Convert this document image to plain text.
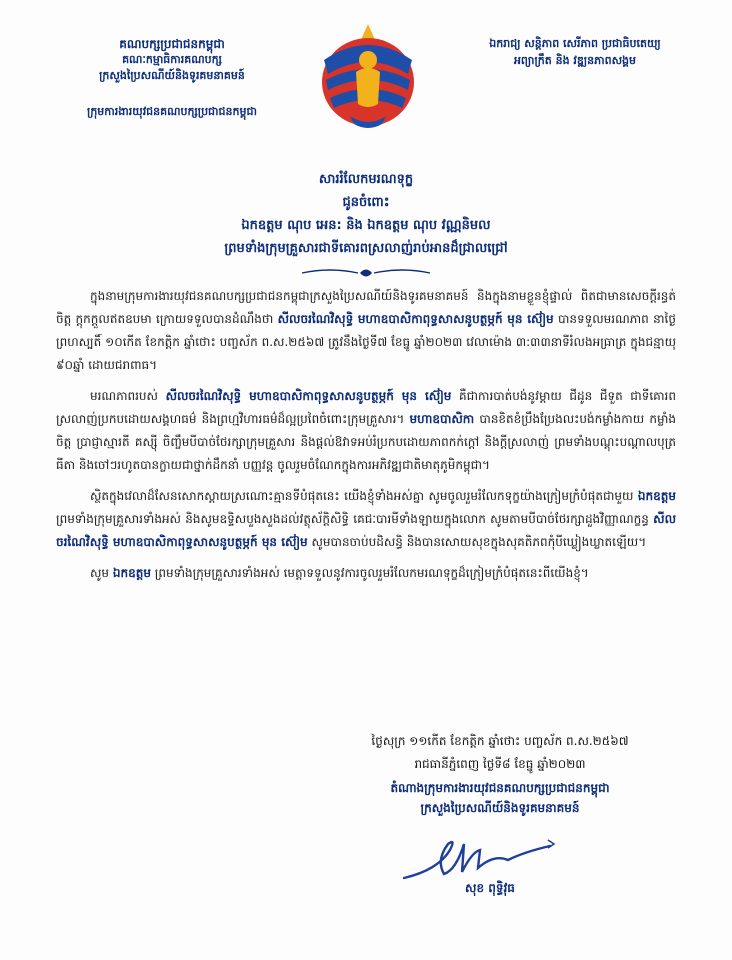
គណបក្សប្រជាជនកម្ពុជា
គណៈកម្មាធិការគណបក្ស
ក្រសួងប្រៃសណីយ៍និងទូរគមនាគមន៍
ក្រុមការងារយុវជនគណបក្សប្រជាជនកម្ពុជា
ឯករាជ្យ សន្តិភាព សេរីភាព ប្រជាធិបតេយ្យ
អព្យាក្រឹត និង វឌ្ឍនភាពសង្គម
សាររំលែកមរណទុក្ខ
ជូនចំពោះ
ឯកឧត្តម ណុប អេន: និង ឯកឧត្តម ណុប វណ្ណនិមល
ព្រមទាំងក្រុមគ្រួសារជាទីគោរពស្រលាញ់រាប់អានដ៏ជ្រាលជ្រៅ

ក្នុងនាមក្រុមការងារយុវជនគណបក្សប្រជាជនកម្ពុជាក្រសួងប្រៃសណីយ៍និងទូរគមនាគមន៍ និងក្នុងនាមខ្លួនខ្ញុំផ្ទាល់ ពិតជាមានសេចក្តីរន្ធត់ចិត្ត ក្តុកក្តួលឥតឧបមា ក្រោយទទួលបានដំណឹងថា សីលចរណៃវិសុទ្ធិ មហាឧបាសិកាពុទ្ធសាសនូបត្ថម្ភក៍ មុន ស៊ៀម បានទទួលមរណភាព នាថ្ងៃព្រហស្បតិ៍ ១០កើត ខែកត្តិក ឆ្នាំថោះ បញ្ចស័ក ព.ស.២៥៦៧ ត្រូវនឹងថ្ងៃទី៧ ខែធ្នូ ឆ្នាំ២០២៣ វេលាម៉ោង ៣:៣៣នាទីរំលងអធ្រាត្រ ក្នុងជន្មាយុ ៩០ឆ្នាំ ដោយជរាពាធ។

មរណភាពរបស់ សីលចរណៃវិសុទ្ធិ មហាឧបាសិកាពុទ្ធសាសនូបត្ថម្ភក៍ មុន ស៊ៀម គឺជាការបាត់បង់នូវម្តាយ ជីដូន ជីទួត ជាទីគោរពស្រលាញ់ប្រកបដោយសង្គហធម៌ និងព្រហ្មវិហារធម៌ដ៏ល្អប្រពៃចំពោះក្រុមគ្រួសារ។ មហាឧបាសិកា បានខិតខំប្រឹងប្រែងលះបង់កម្លាំងកាយ កម្លាំងចិត្ត ប្រាជ្ញាស្មារតី គស្ស៊ី ចិញ្ចឹមបីបាច់ថែរក្សាក្រុមគ្រួសារ និងផ្តល់ឱវាទអប់រំប្រកបដោយភាពកក់ក្តៅ និងក្តីស្រលាញ់ ព្រមទាំងបណ្តុះបណ្តាលបុត្រ ធីតា និងចៅៗរហូតបានក្លាយជាថ្នាក់ដឹកនាំ បញ្ញវន្ត ចូលរួមចំណែកក្នុងការអភិវឌ្ឍជាតិមាតុភូមិកម្ពុជា។

ស្ថិតក្នុងវេលាដ៏សែនសោកស្តាយស្រណោះគ្មានទីបំផុតនេះ យើងខ្ញុំទាំងអស់គ្នា សូមចូលរួមរំលែកទុក្ខយ៉ាងក្រៀមក្រំបំផុតជាមួយ ឯកឧត្តម ព្រមទាំងក្រុមគ្រួសារទាំងអស់ និងសូមឧទ្ទិសបួងសួងដល់វត្ថុស័ក្តិសិទ្ធិ គេជៈបារមីទាំងឡាយក្នុងលោក សូមតាមបីបាច់ថែរក្សាដួងវិញ្ញាណក្ខន្ធ សីលចរណៃវិសុទ្ធិ មហាឧបាសិកាពុទ្ធសាសនូបត្ថម្ភក៍ មុន ស៊ៀម សូមបានចាប់បដិសន្ធិ និងបានសោយសុខក្នុងសុគតិភពកុំបីឃ្លៀងឃ្លាតឡើយ។

សូម ឯកឧត្តម ព្រមទាំងក្រុមគ្រួសារទាំងអស់ មេត្តាទទួលនូវការចូលរួមរំលែកមរណទុក្ខដ៏ក្រៀមក្រំបំផុតនេះពីយើងខ្ញុំ។

ថ្ងៃសុក្រ ១១កើត ខែកត្តិក ឆ្នាំថោះ បញ្ចស័ក ព.ស.២៥៦៧
រាជធានីភ្នំពេញ ថ្ងៃទី៨ ខែធ្នូ ឆ្នាំ២០២៣
តំណាងក្រុមការងារយុវជនគណបក្សប្រជាជនកម្ពុជា
ក្រសួងប្រៃសណីយ៍និងទូរគមនាគមន៍
សុខ ពុទ្ធិវុធ
